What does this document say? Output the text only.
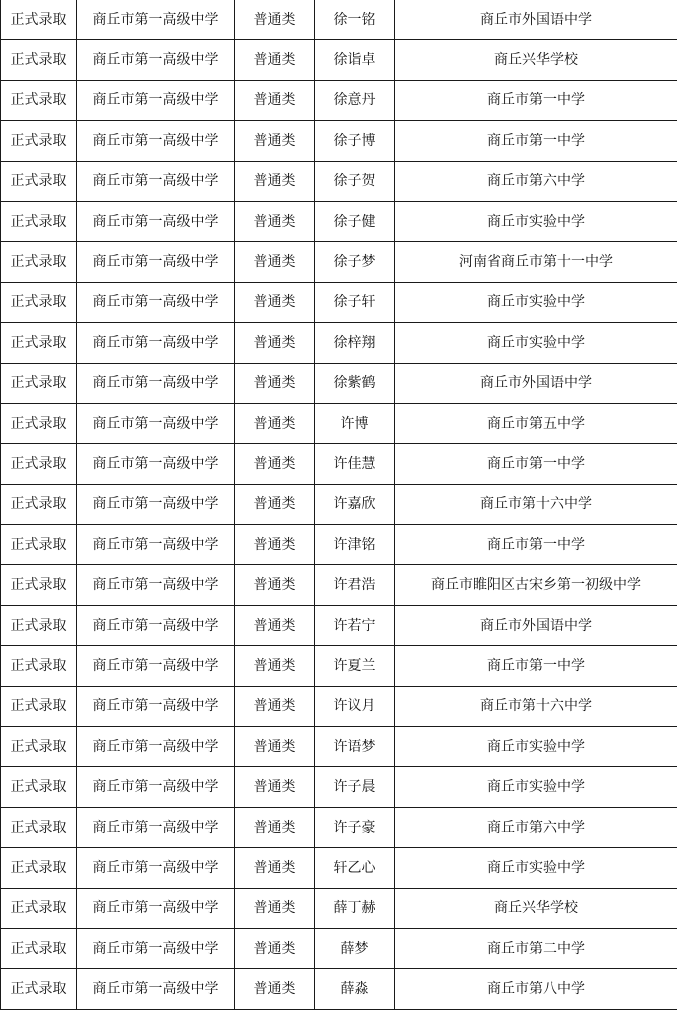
正式录取	商丘市第一高级中学	普通类	徐一铭	商丘市外国语中学
正式录取	商丘市第一高级中学	普通类	徐诣卓	商丘兴华学校
正式录取	商丘市第一高级中学	普通类	徐意丹	商丘市第一中学
正式录取	商丘市第一高级中学	普通类	徐子博	商丘市第一中学
正式录取	商丘市第一高级中学	普通类	徐子贺	商丘市第六中学
正式录取	商丘市第一高级中学	普通类	徐子健	商丘市实验中学
正式录取	商丘市第一高级中学	普通类	徐子梦	河南省商丘市第十一中学
正式录取	商丘市第一高级中学	普通类	徐子轩	商丘市实验中学
正式录取	商丘市第一高级中学	普通类	徐梓翔	商丘市实验中学
正式录取	商丘市第一高级中学	普通类	徐紫鹤	商丘市外国语中学
正式录取	商丘市第一高级中学	普通类	许博	商丘市第五中学
正式录取	商丘市第一高级中学	普通类	许佳慧	商丘市第一中学
正式录取	商丘市第一高级中学	普通类	许嘉欣	商丘市第十六中学
正式录取	商丘市第一高级中学	普通类	许津铭	商丘市第一中学
正式录取	商丘市第一高级中学	普通类	许君浩	商丘市睢阳区古宋乡第一初级中学
正式录取	商丘市第一高级中学	普通类	许若宁	商丘市外国语中学
正式录取	商丘市第一高级中学	普通类	许夏兰	商丘市第一中学
正式录取	商丘市第一高级中学	普通类	许议月	商丘市第十六中学
正式录取	商丘市第一高级中学	普通类	许语梦	商丘市实验中学
正式录取	商丘市第一高级中学	普通类	许子晨	商丘市实验中学
正式录取	商丘市第一高级中学	普通类	许子豪	商丘市第六中学
正式录取	商丘市第一高级中学	普通类	轩乙心	商丘市实验中学
正式录取	商丘市第一高级中学	普通类	薛丁赫	商丘兴华学校
正式录取	商丘市第一高级中学	普通类	薛梦	商丘市第二中学
正式录取	商丘市第一高级中学	普通类	薛淼	商丘市第八中学
